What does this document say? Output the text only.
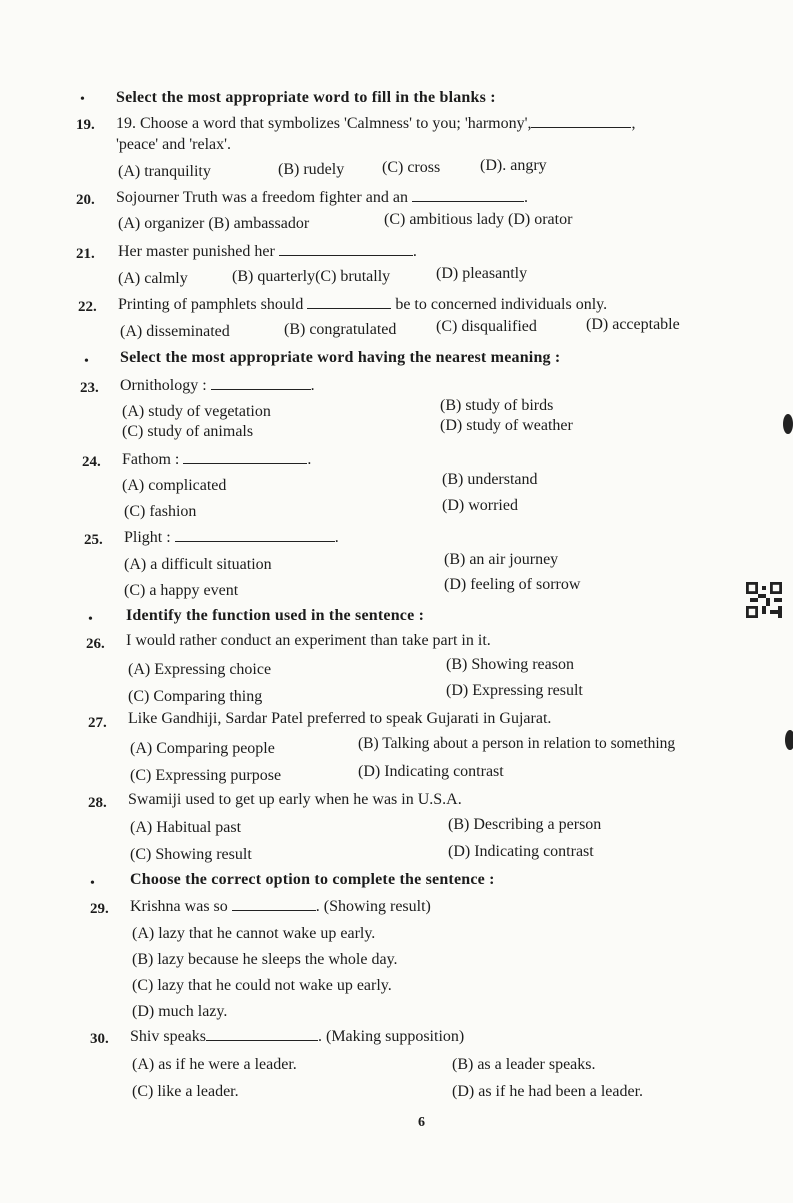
• Select the most appropriate word to fill in the blanks :
19. 19. Choose a word that symbolizes 'Calmness' to you; 'harmony',	,
'peace' and 'relax'.
(A) tranquility	(B) rudely (C) cross (D). angry
20. Sojourner Truth was a freedom fighter and an	.
(A) organizer (B) ambassador	(C) ambitious lady (D) orator
21. Her master punished her	.
(A) calmly	(B) quarterly(C) brutally	(D) pleasantly
22. Printing of pamphlets should	be to concerned individuals only.
(A) disseminated	(B) congratulated (C) disqualified	(D) acceptable
• Select the most appropriate word having the nearest meaning :
23. Ornithology :	.
(A) study of vegetation	(B) study of birds
(C) study of animals	(D) study of weather
24. Fathom :	.
(A) complicated	(B) understand
(C) fashion	(D) worried
25. Plight :	.
(A) a difficult situation	(B) an air journey
(C) a happy event	(D) feeling of sorrow
• Identify the function used in the sentence :
26. I would rather conduct an experiment than take part in it.
(A) Expressing choice	(B) Showing reason
(C) Comparing thing	(D) Expressing result
27. Like Gandhiji, Sardar Patel preferred to speak Gujarati in Gujarat.
(A) Comparing people	(B) Talking about a person in relation to something
(C) Expressing purpose	(D) Indicating contrast
28. Swamiji used to get up early when he was in U.S.A.
(A) Habitual past	(B) Describing a person
(C) Showing result	(D) Indicating contrast
• Choose the correct option to complete the sentence :
29. Krishna was so	. (Showing result)
(A) lazy that he cannot wake up early.
(B) lazy because he sleeps the whole day.
(C) lazy that he could not wake up early.
(D) much lazy.
30. Shiv speaks	. (Making supposition)
(A) as if he were a leader.	(B) as a leader speaks.
(C) like a leader.	(D) as if he had been a leader.
6
